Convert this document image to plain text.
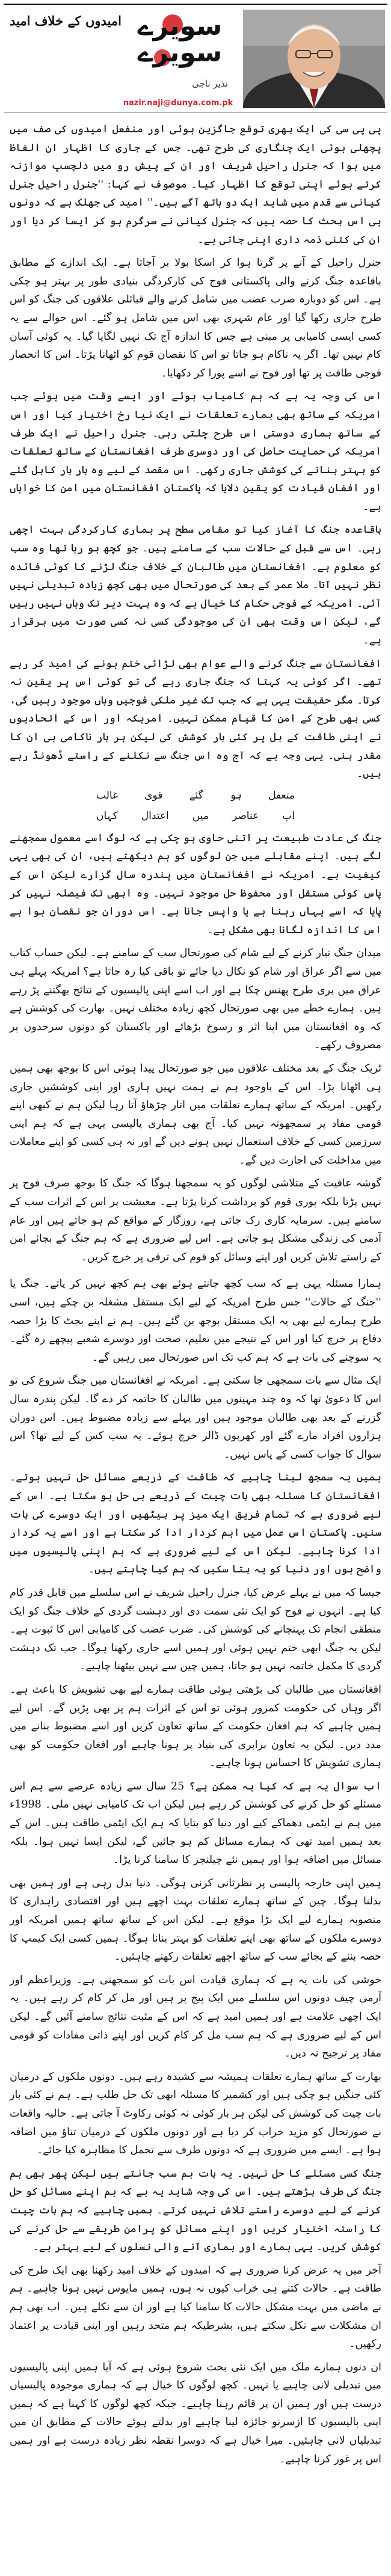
امیدوں کے خلاف امید سویرے
سویرے
نذیر ناجی
nazir.naji@dunya.com.pk

پی پی سی کی ایک بھری توقع جاگزین ہوئی اور منفعل امیدوں کی صف میں پچھلی ہوئی ایک چنگاری کی طرح تھی۔ جس کے جاری کا اظہار ان الفاظ میں ہوا کہ جنرل راحیل شریف اور ان کے پیش رو میں دلچسپ موازنہ کرتے ہوئے اپنی توقع کا اظہار کیا۔ موصوف نے کہا: ''جنرل راحیل جنرل کیانی سے قدم میں شاید ایک دو ہاتھ آگے ہیں۔'' امید کی جھلک ہے کہ دونوں ہی اس بحث کا حصہ ہیں کہ جنرل کیانی نے سرگرم ہو کر ایسا کر دیا اور ان کی کتنی ذمہ داری اپنی جاتی ہے۔

جنرل راحیل کے آنے پر گرتا ہوا کر اسکا بولا بر آجاتا ہے۔ ایک اندازے کے مطابق باقاعدہ جنگ کرنے والی پاکستانی فوج کی کارکردگی بنیادی طور پر بہتر ہو چکی ہے۔ اس کو دوبارہ ضرب عضب میں شامل کرنے والے قبائلی علاقوں کی جنگ کو اس طرح جاری رکھا گیا اور عام شہری بھی اس میں شامل ہو گئے۔ اس حوالے سے یہ کسی ایسی کامیابی پر مبنی ہے جس کا اندازہ آج تک نہیں لگایا گیا۔ یہ کوئی آسان کام نہیں تھا۔ اگر یہ ناکام ہو جاتا تو اس کا نقصان قوم کو اٹھانا پڑتا۔ اس کا انحصار فوجی طاقت پر تھا اور فوج نے اسے پورا کر دکھایا۔

اس کی وجہ یہ ہے کہ ہم کامیاب ہوئے اور ایسے وقت میں ہوئے جب امریکہ کے ساتھ بھی ہمارے تعلقات نے ایک نیا رخ اختیار کیا اور اس کے ساتھ ہماری دوستی اس طرح چلتی رہی۔ جنرل راحیل نے ایک طرف امریکہ کی حمایت حاصل کی اور دوسری طرف افغانستان کے ساتھ تعلقات کو بہتر بنانے کی کوشش جاری رکھی۔ اس مقصد کے لیے وہ بار بار کابل گئے اور افغان قیادت کو یقین دلایا کہ پاکستان افغانستان میں امن کا خواہاں ہے۔

باقاعدہ جنگ کا آغاز کیا تو مقامی سطح پر ہماری کارکردگی بہت اچھی رہی۔ اس سے قبل کے حالات سب کے سامنے ہیں۔ جو کچھ ہو رہا تھا وہ سب کو معلوم ہے۔ افغانستان میں طالبان کے خلاف جنگ لڑنے کا کوئی فائدہ نظر نہیں آتا۔ ملا عمر کے بعد کی صورتحال میں بھی کچھ زیادہ تبدیلی نہیں آئی۔ امریکہ کے فوجی حکام کا خیال ہے کہ وہ بہت دیر تک وہاں نہیں رہیں گے، لیکن اس وقت بھی ان کی موجودگی کسی نہ کسی صورت میں برقرار ہے۔

افغانستان سے جنگ کرنے والے عوام بھی لڑائی ختم ہونے کی امید کر رہے تھے۔ اگر کوئی یہ کہتا کہ جنگ جاری رہے گی تو کوئی اس پر یقین نہ کرتا۔ مگر حقیقت یہی ہے کہ جب تک غیر ملکی فوجیں وہاں موجود رہیں گی، کسی بھی طرح کے امن کا قیام ممکن نہیں۔ امریکہ اور اس کے اتحادیوں نے اپنی طاقت کے بل پر کئی بار کوشش کی لیکن ہر بار ناکامی ہی ان کا مقدر بنی۔ یہی وجہ ہے کہ آج وہ اس جنگ سے نکلنے کے راستے ڈھونڈ رہے ہیں۔

متعفل
ہو
گئے
قوی
غالب
اب
عناصر
میں
اعتدال
کہاں

جنگ کی عادت طبیعت پر اتنی حاوی ہو چکی ہے کہ لوگ اسے معمول سمجھنے لگے ہیں۔ اپنے مقابلے میں جن لوگوں کو ہم دیکھتے ہیں، ان کی بھی یہی کیفیت ہے۔ امریکہ نے افغانستان میں پندرہ سال گزارے لیکن اس کے پاس کوئی مستقل اور محفوظ حل موجود نہیں۔ وہ ابھی تک فیصلہ نہیں کر پایا کہ اسے یہاں رہنا ہے یا واپس جانا ہے۔ اس دوران جو نقصان ہوا ہے اس کا اندازہ لگانا بھی مشکل ہے۔

میدان جنگ تیار کرنے کے لیے شام کی صورتحال سب کے سامنے ہے۔ لیکن حساب کتاب میں سے اگر عراق اور شام کو نکال دیا جائے تو باقی کیا رہ جاتا ہے؟ امریکہ پہلے ہی عراق میں بری طرح پھنس چکا ہے اور اب اسے اپنی پالیسیوں کے نتائج بھگتنے پڑ رہے ہیں۔ ہمارے خطے میں بھی صورتحال کچھ زیادہ مختلف نہیں۔ بھارت کی کوشش ہے کہ وہ افغانستان میں اپنا اثر و رسوخ بڑھائے اور پاکستان کو دونوں سرحدوں پر مصروف رکھے۔

ٹریک جنگ کے بعد مختلف علاقوں میں جو صورتحال پیدا ہوئی اس کا بوجھ بھی ہمیں ہی اٹھانا پڑا۔ اس کے باوجود ہم نے ہمت نہیں ہاری اور اپنی کوششیں جاری رکھیں۔ امریکہ کے ساتھ ہمارے تعلقات میں اتار چڑھاؤ آتا رہا لیکن ہم نے کبھی اپنے قومی مفاد پر سمجھوتہ نہیں کیا۔ آج بھی ہماری پالیسی یہی ہے کہ ہم اپنی سرزمین کسی کے خلاف استعمال نہیں ہونے دیں گے اور نہ ہی کسی کو اپنے معاملات میں مداخلت کی اجازت دیں گے۔

گوشہ عافیت کے متلاشی لوگوں کو یہ سمجھنا ہوگا کہ جنگ کا بوجھ صرف فوج پر نہیں پڑتا بلکہ پوری قوم کو برداشت کرنا پڑتا ہے۔ معیشت پر اس کے اثرات سب کے سامنے ہیں۔ سرمایہ کاری رک جاتی ہے، روزگار کے مواقع کم ہو جاتے ہیں اور عام آدمی کی زندگی مشکل ہو جاتی ہے۔ اس لیے ضروری ہے کہ ہم جنگ کے بجائے امن کے راستے تلاش کریں اور اپنے وسائل کو قوم کی ترقی پر خرچ کریں۔

ہمارا مسئلہ یہی ہے کہ سب کچھ جانتے ہوئے بھی ہم کچھ نہیں کر پاتے۔ جنگ یا ''جنگ کے حالات'' جس طرح امریکہ کے لیے ایک مستقل مشغلہ بن چکے ہیں، اسی طرح ہمارے لیے بھی یہ ایک مستقل بوجھ بن گئے ہیں۔ ہم نے اپنے بجٹ کا بڑا حصہ دفاع پر خرچ کیا اور اس کے نتیجے میں تعلیم، صحت اور دوسرے شعبے پیچھے رہ گئے۔ یہ سوچنے کی بات ہے کہ ہم کب تک اس صورتحال میں رہیں گے۔

ایک مثال سے بات سمجھی جا سکتی ہے۔ امریکہ نے افغانستان میں جنگ شروع کی تو اس کا دعویٰ تھا کہ وہ چند مہینوں میں طالبان کا خاتمہ کر دے گا۔ لیکن پندرہ سال گزرنے کے بعد بھی طالبان موجود ہیں اور پہلے سے زیادہ مضبوط ہیں۔ اس دوران ہزاروں افراد مارے گئے اور کھربوں ڈالر خرچ ہوئے۔ یہ سب کس کے لیے تھا؟ اس سوال کا جواب کسی کے پاس نہیں۔

ہمیں یہ سمجھ لینا چاہیے کہ طاقت کے ذریعے مسائل حل نہیں ہوتے۔ افغانستان کا مسئلہ بھی بات چیت کے ذریعے ہی حل ہو سکتا ہے۔ اس کے لیے ضروری ہے کہ تمام فریق ایک میز پر بیٹھیں اور ایک دوسرے کی بات سنیں۔ پاکستان اس عمل میں اہم کردار ادا کر سکتا ہے اور اسے یہ کردار ادا کرنا چاہیے۔ لیکن اس کے لیے ضروری ہے کہ ہم اپنی پالیسیوں میں واضح ہوں اور دنیا کو یہ بتا سکیں کہ ہم کیا چاہتے ہیں۔

جیسا کہ میں نے پہلے عرض کیا، جنرل راحیل شریف نے اس سلسلے میں قابل قدر کام کیا ہے۔ انہوں نے فوج کو ایک نئی سمت دی اور دہشت گردی کے خلاف جنگ کو ایک منطقی انجام تک پہنچانے کی کوشش کی۔ ضرب عضب کی کامیابی اس کا ثبوت ہے۔ لیکن یہ جنگ ابھی ختم نہیں ہوئی اور ہمیں اسے جاری رکھنا ہوگا۔ جب تک دہشت گردی کا مکمل خاتمہ نہیں ہو جاتا، ہمیں چین سے نہیں بیٹھنا چاہیے۔

افغانستان میں طالبان کی بڑھتی ہوئی طاقت ہمارے لیے بھی تشویش کا باعث ہے۔ اگر وہاں کی حکومت کمزور ہوئی تو اس کے اثرات ہم پر بھی پڑیں گے۔ اس لیے ہمیں چاہیے کہ ہم افغان حکومت کے ساتھ تعاون کریں اور اسے مضبوط بنانے میں مدد دیں۔ لیکن یہ تعاون برابری کی بنیاد پر ہونا چاہیے اور افغان حکومت کو بھی ہماری تشویش کا احساس ہونا چاہیے۔

اب سوال یہ ہے کہ کیا یہ ممکن ہے؟ 25 سال سے زیادہ عرصے سے ہم اس مسئلے کو حل کرنے کی کوشش کر رہے ہیں لیکن اب تک کامیابی نہیں ملی۔ 1998ء میں ہم نے ایٹمی دھماکے کیے اور دنیا کو بتایا کہ ہم ایک ایٹمی طاقت ہیں۔ اس کے بعد ہمیں امید تھی کہ ہمارے مسائل کم ہو جائیں گے، لیکن ایسا نہیں ہوا۔ بلکہ مسائل میں اضافہ ہوا اور ہمیں نئے چیلنجز کا سامنا کرنا پڑا۔

ہمیں اپنی خارجہ پالیسی پر نظرثانی کرنی ہوگی۔ دنیا بدل رہی ہے اور ہمیں بھی بدلنا ہوگا۔ چین کے ساتھ ہمارے تعلقات بہت اچھے ہیں اور اقتصادی راہداری کا منصوبہ ہمارے لیے ایک بڑا موقع ہے۔ لیکن اس کے ساتھ ساتھ ہمیں امریکہ اور دوسرے ملکوں کے ساتھ بھی اپنے تعلقات کو بہتر بنانا ہوگا۔ ہمیں کسی ایک کیمپ کا حصہ بننے کے بجائے سب کے ساتھ اچھے تعلقات رکھنے چاہئیں۔

خوشی کی بات یہ ہے کہ ہماری قیادت اس بات کو سمجھتی ہے۔ وزیراعظم اور آرمی چیف دونوں اس سلسلے میں ایک پیج پر ہیں اور مل کر کام کر رہے ہیں۔ یہ ایک اچھی علامت ہے اور ہمیں امید ہے کہ اس کے مثبت نتائج سامنے آئیں گے۔ لیکن اس کے لیے ضروری ہے کہ ہم سب مل کر کام کریں اور اپنے ذاتی مفادات کو قومی مفاد پر ترجیح نہ دیں۔

بھارت کے ساتھ ہمارے تعلقات ہمیشہ سے کشیدہ رہے ہیں۔ دونوں ملکوں کے درمیان کئی جنگیں ہو چکی ہیں اور کشمیر کا مسئلہ ابھی تک حل طلب ہے۔ ہم نے کئی بار بات چیت کی کوشش کی لیکن ہر بار کوئی نہ کوئی رکاوٹ آ جاتی ہے۔ حالیہ واقعات نے صورتحال کو مزید خراب کر دیا ہے اور دونوں ملکوں کے درمیان تناؤ میں اضافہ ہوا ہے۔ ایسے میں ضروری ہے کہ دونوں طرف سے تحمل کا مظاہرہ کیا جائے۔

جنگ کسی مسئلے کا حل نہیں۔ یہ بات ہم سب جانتے ہیں لیکن پھر بھی ہم جنگ کی طرف بڑھتے ہیں۔ اس کی وجہ شاید یہ ہے کہ ہم اپنے مسائل کو حل کرنے کے لیے دوسرے راستے تلاش نہیں کرتے۔ ہمیں چاہیے کہ ہم بات چیت کا راستہ اختیار کریں اور اپنے مسائل کو پرامن طریقے سے حل کرنے کی کوشش کریں۔ یہی ہمارے اور ہماری آنے والی نسلوں کے لیے بہتر ہے۔

آخر میں یہ عرض کرنا ضروری ہے کہ امیدوں کے خلاف امید رکھنا بھی ایک طرح کی طاقت ہے۔ حالات کتنے ہی خراب کیوں نہ ہوں، ہمیں مایوس نہیں ہونا چاہیے۔ ہم نے ماضی میں بہت مشکل حالات کا سامنا کیا ہے اور ان سے نکلے ہیں۔ اب بھی ہم ان مشکلات سے نکل سکتے ہیں، بشرطیکہ ہم متحد رہیں اور اپنی قیادت پر اعتماد رکھیں۔

ان دنوں ہمارے ملک میں ایک نئی بحث شروع ہوئی ہے کہ آیا ہمیں اپنی پالیسیوں میں تبدیلی لانی چاہیے یا نہیں۔ کچھ لوگوں کا خیال ہے کہ ہماری موجودہ پالیسیاں درست ہیں اور ہمیں ان پر قائم رہنا چاہیے۔ جبکہ کچھ لوگوں کا کہنا ہے کہ ہمیں اپنی پالیسیوں کا ازسرنو جائزہ لینا چاہیے اور بدلتے ہوئے حالات کے مطابق ان میں تبدیلیاں لانی چاہئیں۔ میرا خیال ہے کہ دوسرا نقطہ نظر زیادہ درست ہے اور ہمیں اس پر غور کرنا چاہیے۔
